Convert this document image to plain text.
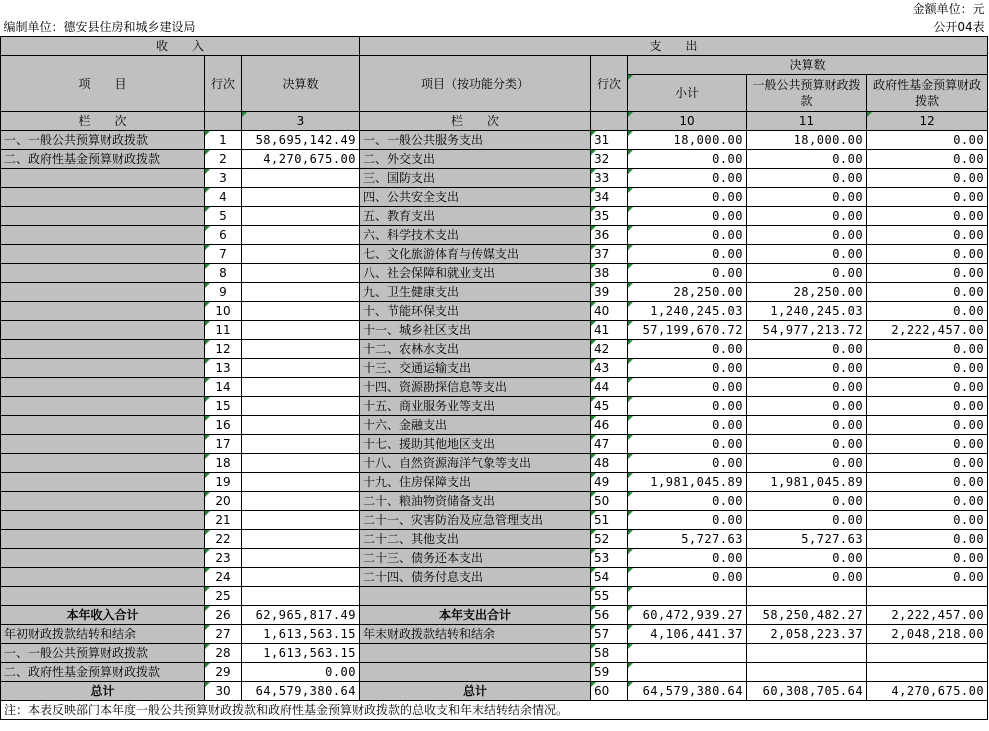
							金额单位：元
编制单位：德安县住房和城乡建设局							公开04表
收　　入			支　　出				
项　　目	行次	决算数	项目（按功能分类）	行次	决算数		
					小计	一般公共预算财政拨款	政府性基金预算财政拨款
栏　　次		3	栏　　次		10	11	12
一、一般公共预算财政拨款	1	58,695,142.49	一、一般公共服务支出	31	18,000.00	18,000.00	0.00
二、政府性基金预算财政拨款	2	4,270,675.00	二、外交支出	32	0.00	0.00	0.00
	3		三、国防支出	33	0.00	0.00	0.00
	4		四、公共安全支出	34	0.00	0.00	0.00
	5		五、教育支出	35	0.00	0.00	0.00
	6		六、科学技术支出	36	0.00	0.00	0.00
	7		七、文化旅游体育与传媒支出	37	0.00	0.00	0.00
	8		八、社会保障和就业支出	38	0.00	0.00	0.00
	9		九、卫生健康支出	39	28,250.00	28,250.00	0.00
	10		十、节能环保支出	40	1,240,245.03	1,240,245.03	0.00
	11		十一、城乡社区支出	41	57,199,670.72	54,977,213.72	2,222,457.00
	12		十二、农林水支出	42	0.00	0.00	0.00
	13		十三、交通运输支出	43	0.00	0.00	0.00
	14		十四、资源勘探信息等支出	44	0.00	0.00	0.00
	15		十五、商业服务业等支出	45	0.00	0.00	0.00
	16		十六、金融支出	46	0.00	0.00	0.00
	17		十七、援助其他地区支出	47	0.00	0.00	0.00
	18		十八、自然资源海洋气象等支出	48	0.00	0.00	0.00
	19		十九、住房保障支出	49	1,981,045.89	1,981,045.89	0.00
	20		二十、粮油物资储备支出	50	0.00	0.00	0.00
	21		二十一、灾害防治及应急管理支出	51	0.00	0.00	0.00
	22		二十二、其他支出	52	5,727.63	5,727.63	0.00
	23		二十三、债务还本支出	53	0.00	0.00	0.00
	24		二十四、债务付息支出	54	0.00	0.00	0.00
	25			55			
本年收入合计	26	62,965,817.49	本年支出合计	56	60,472,939.27	58,250,482.27	2,222,457.00
年初财政拨款结转和结余	27	1,613,563.15	年末财政拨款结转和结余	57	4,106,441.37	2,058,223.37	2,048,218.00
一、一般公共预算财政拨款	28	1,613,563.15		58			
二、政府性基金预算财政拨款	29	0.00		59			
总计	30	64,579,380.64	总计	60	64,579,380.64	60,308,705.64	4,270,675.00
注：本表反映部门本年度一般公共预算财政拨款和政府性基金预算财政拨款的总收支和年末结转结余情况。							
